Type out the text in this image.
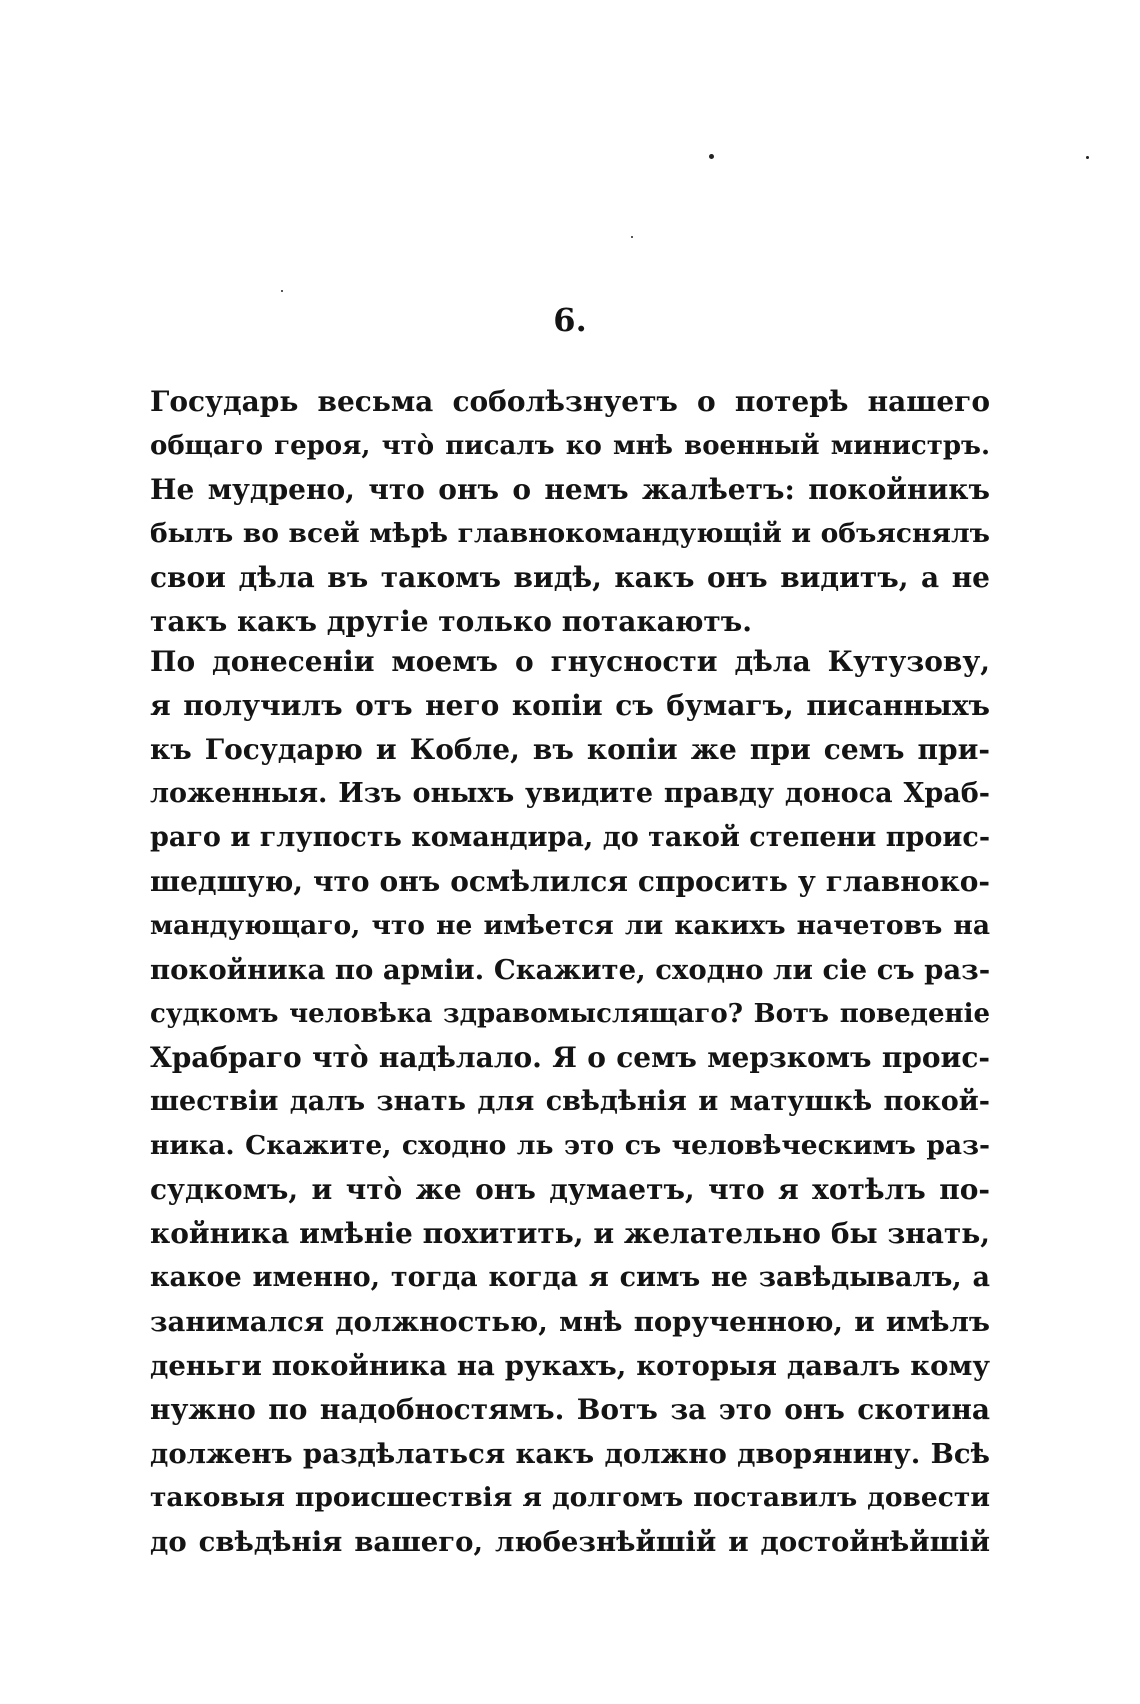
6.
Государь весьма соболѣзнуетъ о потерѣ нашего
общаго героя, что̀ писалъ ко мнѣ военный министръ.
Не мудрено, что онъ о немъ жалѣетъ: покойникъ
былъ во всей мѣрѣ главнокомандующій и объяснялъ
свои дѣла въ такомъ видѣ, какъ онъ видитъ, а не
такъ какъ другіе только потакаютъ.
По донесеніи моемъ о гнусности дѣла Кутузову,
я получилъ отъ него копіи съ бумагъ, писанныхъ
къ Государю и Кобле, въ копіи же при семъ при-
ложенныя. Изъ оныхъ увидите правду доноса Храб-
раго и глупость командира, до такой степени проис-
шедшую, что онъ осмѣлился спросить у главноко-
мандующаго, что не имѣется ли какихъ начетовъ на
покойника по арміи. Скажите, сходно ли сіе съ раз-
судкомъ человѣка здравомыслящаго? Вотъ поведеніе
Храбраго что̀ надѣлало. Я о семъ мерзкомъ проис-
шествіи далъ знать для свѣдѣнія и матушкѣ покой-
ника. Скажите, сходно ль это съ человѣческимъ раз-
судкомъ, и что̀ же онъ думаетъ, что я хотѣлъ по-
койника имѣніе похитить, и желательно бы знать,
какое именно, тогда когда я симъ не завѣдывалъ, а
занимался должностью, мнѣ порученною, и имѣлъ
деньги покойника на рукахъ, которыя давалъ кому
нужно по надобностямъ. Вотъ за это онъ скотина
долженъ раздѣлаться какъ должно дворянину. Всѣ
таковыя происшествія я долгомъ поставилъ довести
до свѣдѣнія вашего, любезнѣйшій и достойнѣйшій
